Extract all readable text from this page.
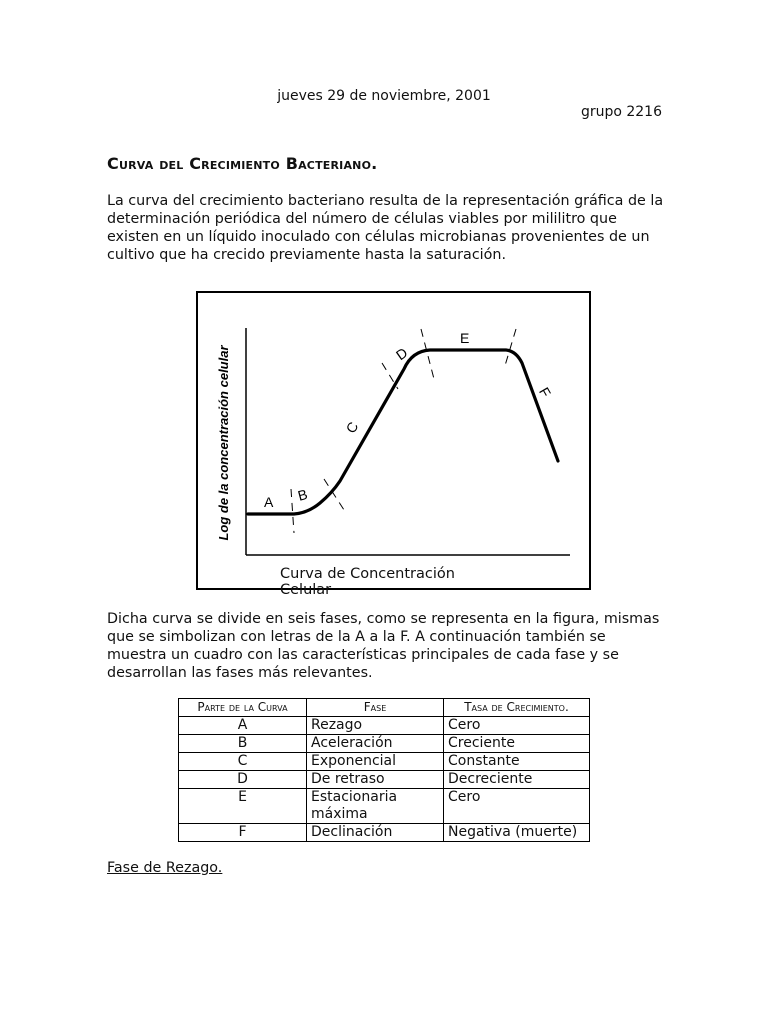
jueves 29 de noviembre, 2001
grupo 2216
Curva del Crecimiento Bacteriano.
La curva del crecimiento bacteriano resulta de la representación gráfica de la determinación periódica del número de células viables por mililitro que existen en un líquido inoculado con células microbianas provenientes de un cultivo que ha crecido previamente hasta la saturación.
Log de la concentración celular A B
C
D
E
F
Curva de Concentración
Celular
Dicha curva se divide en seis fases, como se representa en la figura, mismas que se simbolizan con letras de la A a la F. A continuación también se muestra un cuadro con las características principales de cada fase y se desarrollan las fases más relevantes.
Parte de la Curva	Fase	Tasa de Crecimiento.
A	Rezago	Cero
B	Aceleración	Creciente
C	Exponencial	Constante
D	De retraso	Decreciente
E	Estacionaria máxima	Cero
F	Declinación	Negativa (muerte)
Fase de Rezago.
